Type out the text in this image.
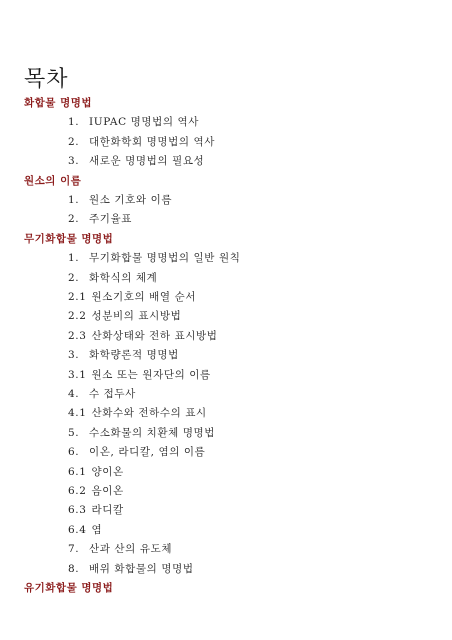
목차
화합물 명명법
1. IUPAC 명명법의 역사
2. 대한화학회 명명법의 역사
3. 새로운 명명법의 필요성
원소의 이름
1. 원소 기호와 이름
2. 주기율표
무기화합물 명명법
1. 무기화합물 명명법의 일반 원칙
2. 화학식의 체계
2.1 원소기호의 배열 순서
2.2 성분비의 표시방법
2.3 산화상태와 전하 표시방법
3. 화학량론적 명명법
3.1 원소 또는 원자단의 이름
4. 수 접두사
4.1 산화수와 전하수의 표시
5. 수소화물의 치환체 명명법
6. 이온, 라디칼, 염의 이름
6.1 양이온
6.2 음이온
6.3 라디칼
6.4 염
7. 산과 산의 유도체
8. 배위 화합물의 명명법
유기화합물 명명법
